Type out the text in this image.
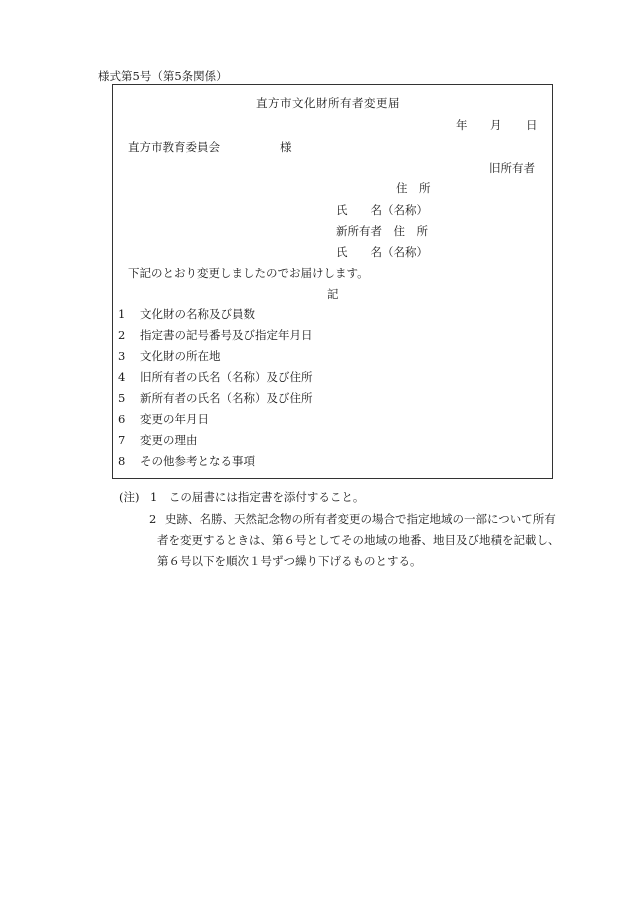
様式第5号（第5条関係）
直方市文化財所有者変更届
年 月 日
直方市教育委員会	様
旧所有者
住　所
氏　　名（名称）
新所有者　住　所
氏　　名（名称）
下記のとおり変更しましたのでお届けします。
記
1 文化財の名称及び員数
2 指定書の記号番号及び指定年月日
3 文化財の所在地
4 旧所有者の氏名（名称）及び住所
5 新所有者の氏名（名称）及び住所
6 変更の年月日
7 変更の理由
8 その他参考となる事項
(注) 1　この届書には指定書を添付すること。
2 史跡、名勝、天然記念物の所有者変更の場合で指定地域の一部について所有
者を変更するときは、第６号としてその地域の地番、地目及び地積を記載し、
第６号以下を順次１号ずつ繰り下げるものとする。
